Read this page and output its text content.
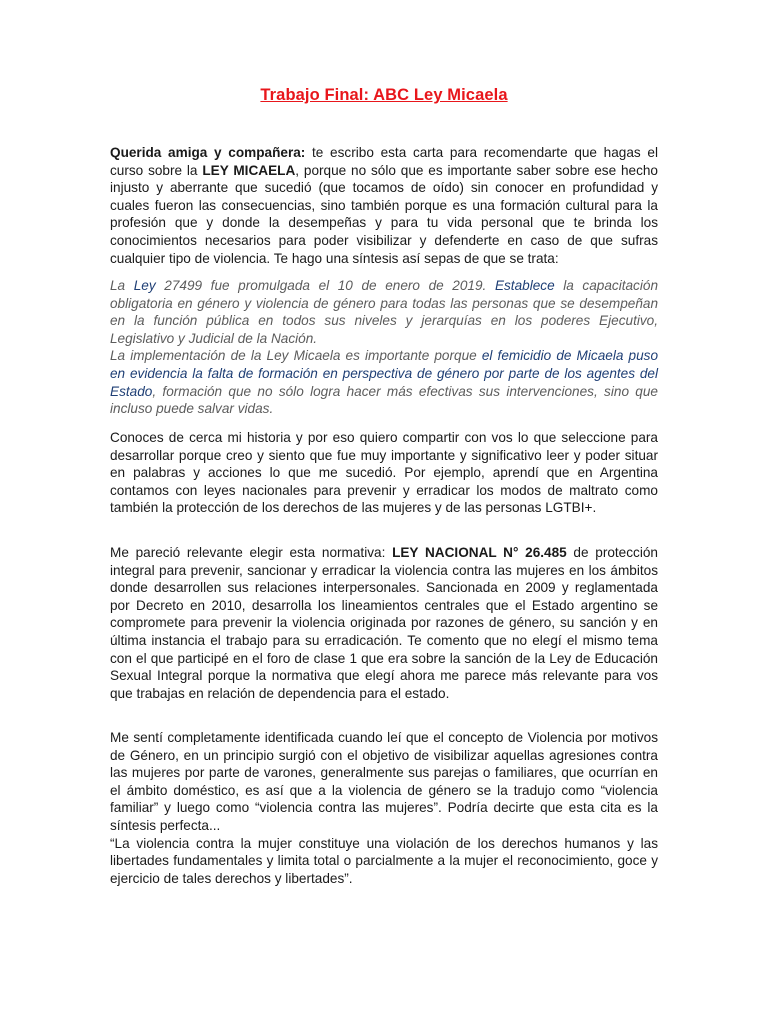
Trabajo Final: ABC Ley Micaela

Querida amiga y compañera: te escribo esta carta para recomendarte que hagas el curso sobre la LEY MICAELA, porque no sólo que es importante saber sobre ese hecho injusto y aberrante que sucedió (que tocamos de oído) sin conocer en profundidad y cuales fueron las consecuencias, sino también porque es una formación cultural para la profesión que y donde la desempeñas y para tu vida personal que te brinda los conocimientos necesarios para poder visibilizar y defenderte en caso de que sufras cualquier tipo de violencia. Te hago una síntesis así sepas de que se trata:

La Ley 27499 fue promulgada el 10 de enero de 2019. Establece la capacitación obligatoria en género y violencia de género para todas las personas que se desempeñan en la función pública en todos sus niveles y jerarquías en los poderes Ejecutivo, Legislativo y Judicial de la Nación.
La implementación de la Ley Micaela es importante porque el femicidio de Micaela puso en evidencia la falta de formación en perspectiva de género por parte de los agentes del Estado, formación que no sólo logra hacer más efectivas sus intervenciones, sino que incluso puede salvar vidas.

Conoces de cerca mi historia y por eso quiero compartir con vos lo que seleccione para desarrollar porque creo y siento que fue muy importante y significativo leer y poder situar en palabras y acciones lo que me sucedió. Por ejemplo, aprendí que en Argentina contamos con leyes nacionales para prevenir y erradicar los modos de maltrato como también la protección de los derechos de las mujeres y de las personas LGTBI+.

Me pareció relevante elegir esta normativa: LEY NACIONAL N° 26.485 de protección integral para prevenir, sancionar y erradicar la violencia contra las mujeres en los ámbitos donde desarrollen sus relaciones interpersonales. Sancionada en 2009 y reglamentada por Decreto en 2010, desarrolla los lineamientos centrales que el Estado argentino se compromete para prevenir la violencia originada por razones de género, su sanción y en última instancia el trabajo para su erradicación. Te comento que no elegí el mismo tema con el que participé en el foro de clase 1 que era sobre la sanción de la Ley de Educación Sexual Integral porque la normativa que elegí ahora me parece más relevante para vos que trabajas en relación de dependencia para el estado.

Me sentí completamente identificada cuando leí que el concepto de Violencia por motivos de Género, en un principio surgió con el objetivo de visibilizar aquellas agresiones contra las mujeres por parte de varones, generalmente sus parejas o familiares, que ocurrían en el ámbito doméstico, es así que a la violencia de género se la tradujo como “violencia familiar” y luego como “violencia contra las mujeres”. Podría decirte que esta cita es la síntesis perfecta...
“La violencia contra la mujer constituye una violación de los derechos humanos y las libertades fundamentales y limita total o parcialmente a la mujer el reconocimiento, goce y ejercicio de tales derechos y libertades”.
